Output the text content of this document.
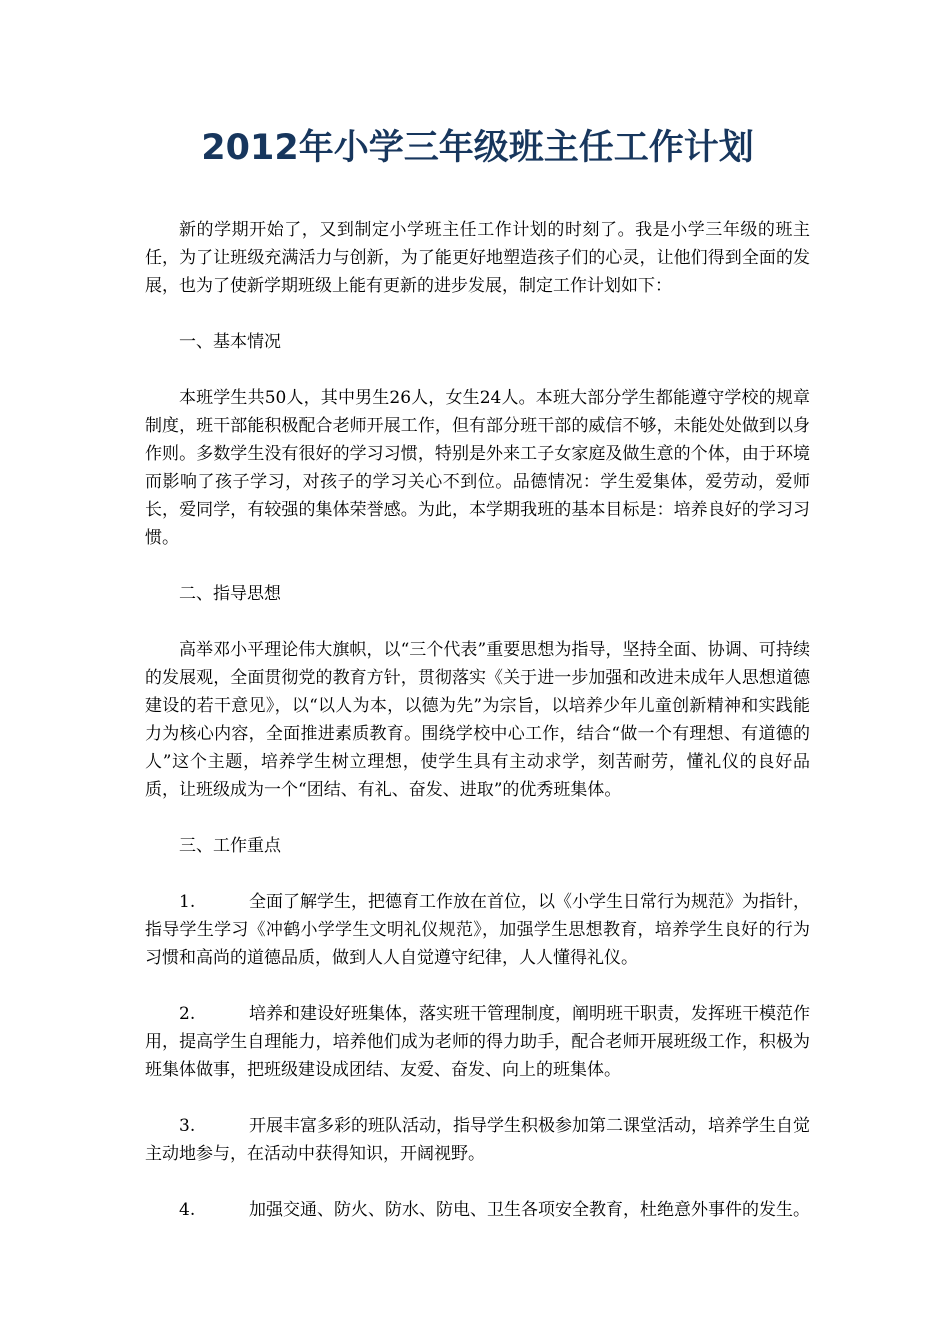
2012年小学三年级班主任工作计划

新的学期开始了，又到制定小学班主任工作计划的时刻了。我是小学三年级的班主任，为了让班级充满活力与创新，为了能更好地塑造孩子们的心灵，让他们得到全面的发展，也为了使新学期班级上能有更新的进步发展，制定工作计划如下：

一、基本情况

本班学生共50人，其中男生26人，女生24人。本班大部分学生都能遵守学校的规章制度，班干部能积极配合老师开展工作，但有部分班干部的威信不够，未能处处做到以身作则。多数学生没有很好的学习习惯，特别是外来工子女家庭及做生意的个体，由于环境而影响了孩子学习，对孩子的学习关心不到位。品德情况：学生爱集体，爱劳动，爱师长，爱同学，有较强的集体荣誉感。为此，本学期我班的基本目标是：培养良好的学习习惯。

二、指导思想

高举邓小平理论伟大旗帜，以“三个代表”重要思想为指导，坚持全面、协调、可持续的发展观，全面贯彻党的教育方针，贯彻落实《关于进一步加强和改进未成年人思想道德建设的若干意见》，以“以人为本，以德为先”为宗旨，以培养少年儿童创新精神和实践能力为核心内容，全面推进素质教育。围绕学校中心工作，结合“做一个有理想、有道德的人”这个主题，培养学生树立理想，使学生具有主动求学，刻苦耐劳，懂礼仪的良好品质，让班级成为一个“团结、有礼、奋发、进取”的优秀班集体。

三、工作重点

1.	全面了解学生，把德育工作放在首位，以《小学生日常行为规范》为指针，指导学生学习《冲鹤小学学生文明礼仪规范》，加强学生思想教育，培养学生良好的行为习惯和高尚的道德品质，做到人人自觉遵守纪律，人人懂得礼仪。

2.	培养和建设好班集体，落实班干管理制度，阐明班干职责，发挥班干模范作用，提高学生自理能力，培养他们成为老师的得力助手，配合老师开展班级工作，积极为班集体做事，把班级建设成团结、友爱、奋发、向上的班集体。

3.	开展丰富多彩的班队活动，指导学生积极参加第二课堂活动，培养学生自觉主动地参与，在活动中获得知识，开阔视野。

4.	加强交通、防火、防水、防电、卫生各项安全教育，杜绝意外事件的发生。
